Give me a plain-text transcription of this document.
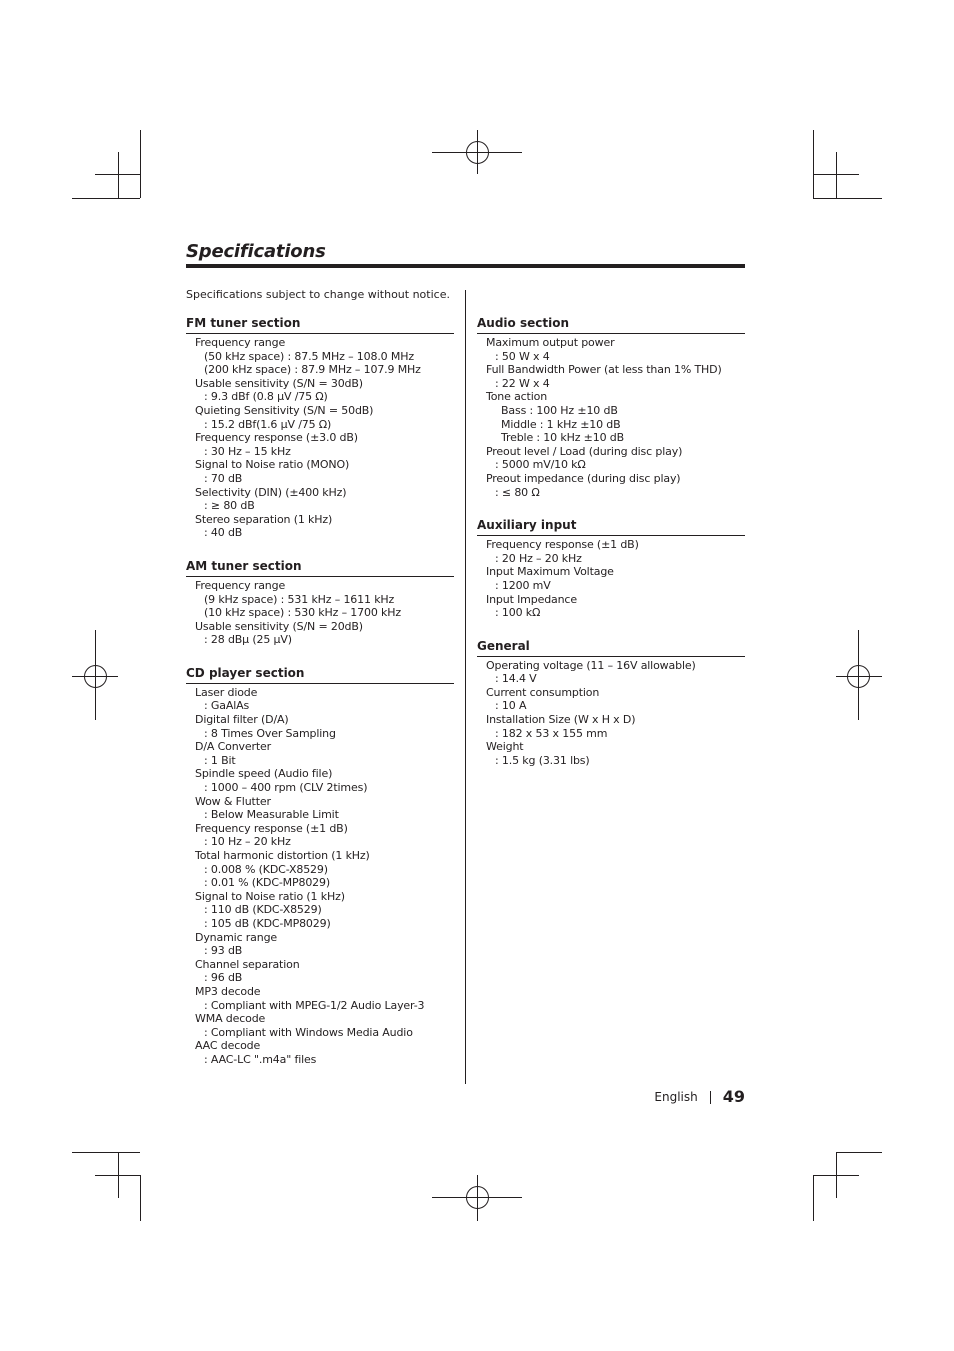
Specifications
Specifications subject to change without notice.
FM tuner section
Frequency range
(50 kHz space) : 87.5 MHz – 108.0 MHz
(200 kHz space) : 87.9 MHz – 107.9 MHz
Usable sensitivity (S/N = 30dB)
: 9.3 dBf (0.8 μV /75 Ω)
Quieting Sensitivity (S/N = 50dB)
: 15.2 dBf(1.6 μV /75 Ω)
Frequency response (±3.0 dB)
: 30 Hz – 15 kHz
Signal to Noise ratio (MONO)
: 70 dB
Selectivity (DIN) (±400 kHz)
: ≥ 80 dB
Stereo separation (1 kHz)
: 40 dB
AM tuner section
Frequency range
(9 kHz space) : 531 kHz – 1611 kHz
(10 kHz space) : 530 kHz – 1700 kHz
Usable sensitivity (S/N = 20dB)
: 28 dBμ (25 μV)
CD player section
Laser diode
: GaAlAs
Digital filter (D/A)
: 8 Times Over Sampling
D/A Converter
: 1 Bit
Spindle speed (Audio file)
: 1000 – 400 rpm (CLV 2times)
Wow & Flutter
: Below Measurable Limit
Frequency response (±1 dB)
: 10 Hz – 20 kHz
Total harmonic distortion (1 kHz)
: 0.008 % (KDC-X8529)
: 0.01 % (KDC-MP8029)
Signal to Noise ratio (1 kHz)
: 110 dB (KDC-X8529)
: 105 dB (KDC-MP8029)
Dynamic range
: 93 dB
Channel separation
: 96 dB
MP3 decode
: Compliant with MPEG-1/2 Audio Layer-3
WMA decode
: Compliant with Windows Media Audio
AAC decode
: AAC-LC ".m4a" files
Audio section
Maximum output power
: 50 W x 4
Full Bandwidth Power (at less than 1% THD)
: 22 W x 4
Tone action
Bass : 100 Hz ±10 dB
Middle : 1 kHz ±10 dB
Treble : 10 kHz ±10 dB
Preout level / Load (during disc play)
: 5000 mV/10 kΩ
Preout impedance (during disc play)
: ≤ 80 Ω
Auxiliary input
Frequency response (±1 dB)
: 20 Hz – 20 kHz
Input Maximum Voltage
: 1200 mV
Input Impedance
: 100 kΩ
General
Operating voltage (11 – 16V allowable)
: 14.4 V
Current consumption
: 10 A
Installation Size (W x H x D)
: 182 x 53 x 155 mm
Weight
: 1.5 kg (3.31 lbs)
English 49
